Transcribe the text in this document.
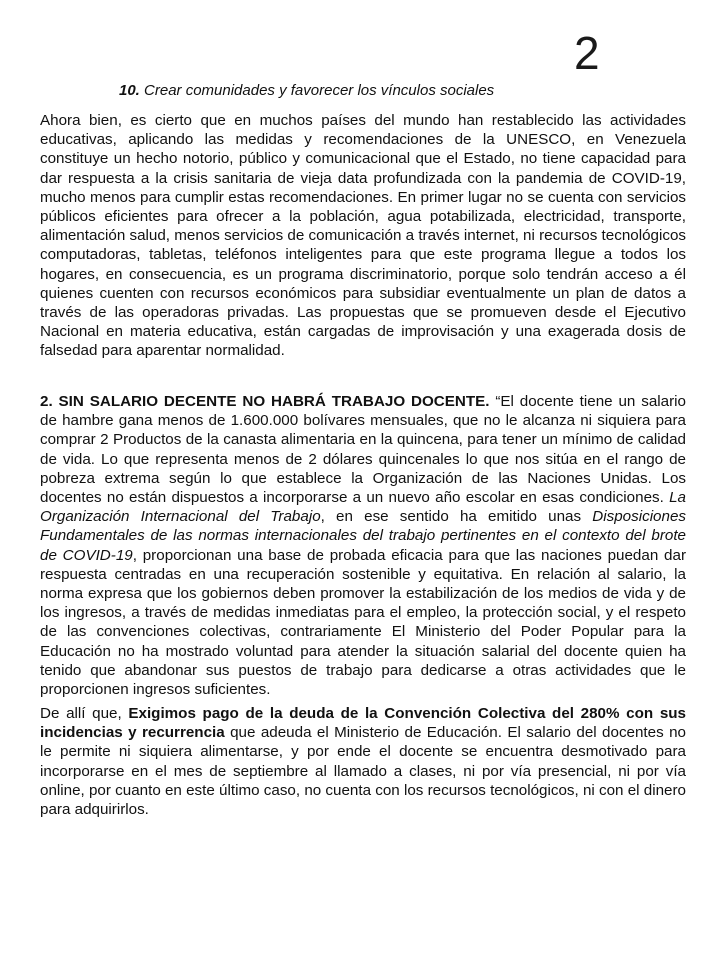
2
10. Crear comunidades y favorecer los vínculos sociales

Ahora bien, es cierto que en muchos países del mundo han restablecido las actividades educativas, aplicando las medidas y recomendaciones de la UNESCO, en Venezuela constituye un hecho notorio, público y comunicacional que el Estado, no tiene capacidad para dar respuesta a la crisis sanitaria de vieja data profundizada con la pandemia de COVID-19, mucho menos para cumplir estas recomendaciones. En primer lugar no se cuenta con servicios públicos eficientes para ofrecer a la población, agua potabilizada, electricidad, transporte, alimentación salud, menos servicios de comunicación a través internet, ni recursos tecnológicos computadoras, tabletas, teléfonos inteligentes para que este programa llegue a todos los hogares, en consecuencia, es un programa discriminatorio, porque solo tendrán acceso a él quienes cuenten con recursos económicos para subsidiar eventualmente un plan de datos a través de las operadoras privadas. Las propuestas que se promueven desde el Ejecutivo Nacional en materia educativa, están cargadas de improvisación y una exagerada dosis de falsedad para aparentar normalidad.

2. SIN SALARIO DECENTE NO HABRÁ TRABAJO DOCENTE. “El docente tiene un salario de hambre gana menos de 1.600.000 bolívares mensuales, que no le alcanza ni siquiera para comprar 2 Productos de la canasta alimentaria en la quincena, para tener un mínimo de calidad de vida. Lo que representa menos de 2 dólares quincenales lo que nos sitúa en el rango de pobreza extrema según lo que establece la Organización de las Naciones Unidas. Los docentes no están dispuestos a incorporarse a un nuevo año escolar en esas condiciones. La Organización Internacional del Trabajo, en ese sentido ha emitido unas Disposiciones Fundamentales de las normas internacionales del trabajo pertinentes en el contexto del brote de COVID-19, proporcionan una base de probada eficacia para que las naciones puedan dar respuesta centradas en una recuperación sostenible y equitativa. En relación al salario, la norma expresa que los gobiernos deben promover la estabilización de los medios de vida y de los ingresos, a través de medidas inmediatas para el empleo, la protección social, y el respeto de las convenciones colectivas, contrariamente El Ministerio del Poder Popular para la Educación no ha mostrado voluntad para atender la situación salarial del docente quien ha tenido que abandonar sus puestos de trabajo para dedicarse a otras actividades que le proporcionen ingresos suficientes.

De allí que, Exigimos pago de la deuda de la Convención Colectiva del 280% con sus incidencias y recurrencia que adeuda el Ministerio de Educación. El salario del docentes no le permite ni siquiera alimentarse, y por ende el docente se encuentra desmotivado para incorporarse en el mes de septiembre al llamado a clases, ni por vía presencial, ni por vía online, por cuanto en este último caso, no cuenta con los recursos tecnológicos, ni con el dinero para adquirirlos.
